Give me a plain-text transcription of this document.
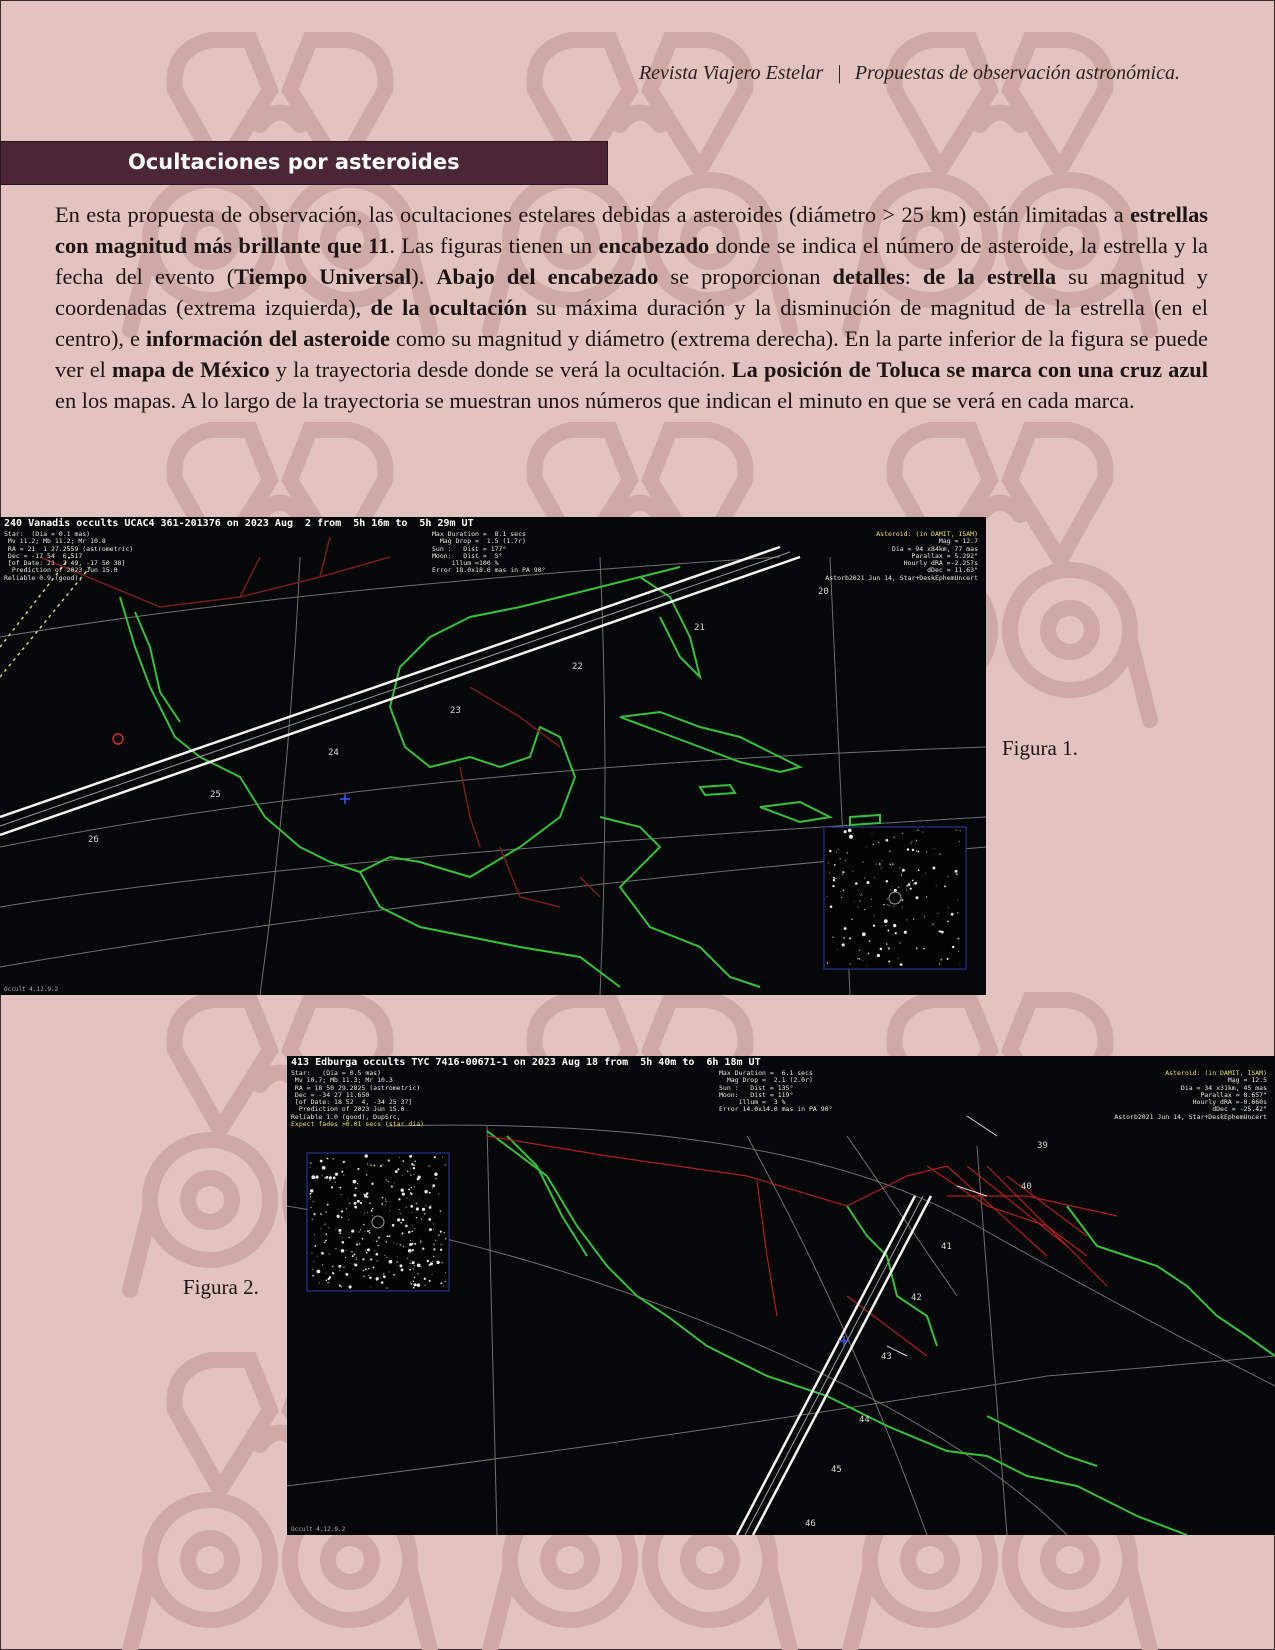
Revista Viajero Estelar | Propuestas de observación astronómica.
Ocultaciones por asteroides

En esta propuesta de observación, las ocultaciones estelares debidas a asteroides (diámetro > 25 km) están limitadas a estrellas con magnitud más brillante que 11. Las figuras tienen un encabezado donde se indica el número de asteroide, la estrella y la fecha del evento (Tiempo Universal). Abajo del encabezado se proporcionan detalles: de la estrella su magnitud y coordenadas (extrema izquierda), de la ocultación su máxima duración y la disminución de magnitud de la estrella (en el centro), e información del asteroide como su magnitud y diámetro (extrema derecha). En la parte inferior de la figura se puede ver el mapa de México y la trayectoria desde donde se verá la ocultación. La posición de Toluca se marca con una cruz azul en los mapas. A lo largo de la trayectoria se muestran unos números que indican el minuto en que se verá en cada marca.

20
21
22
23
24
25
26
240 Vanadis occults UCAC4 361-201376 on 2023 Aug  2 from  5h 16m to  5h 29m UT
Star:  (Dia = 0.1 mas)
Mv 11.2; Mb 11.2; Mr 10.8
RA = 21  1 27.2559 (astrometric)
Dec = -17 54  6.517
[of Date: 21  2 49, -17 50 38]
Prediction of 2023 Jun 15.0
Reliable 0.9 (good),
Max Duration =  8.1 secs
Mag Drop =  1.5 (1.7r)
Sun :   Dist = 177°
Moon:   Dist =  5°
illum =100 %
Error 18.0x18.0 mas in PA 90°
Asteroid: (in DAMIT, ISAM)
Mag = 12.7
Dia = 94 x84km, 77 mas
Parallax = 5.292"
Hourly dRA =-2.257s
dDec = 11.63"
Astorb2021 Jun 14, Star+DeskEphemUncert
Occult 4.12.9.2
Figura 1.
39
40
41
42
43
44
45
46
413 Edburga occults TYC 7416-00671-1 on 2023 Aug 18 from  5h 40m to  6h 18m UT
Star:   (Dia = 0.5 mas)
Mv 10.7; Mb 11.3; Mr 10.3
RA = 18 50 29.2825 (astrometric)
Dec = -34 27 11.650
[of Date: 18 52  4, -34 25 37]
Prediction of 2023 Jun 15.0
Reliable 1.0 (good), DupSrc,
Max Duration =  6.1 secs
Mag Drop =  2.1 (2.0r)
Sun :   Dist = 135°
Moon:   Dist = 119°
illum =  3 %
Error 14.0x14.0 mas in PA 90°
Asteroid: (in DAMIT, ISAM)
Mag = 12.5
Dia = 34 x31km, 45 mas
Parallax = 8.657"
Hourly dRA =-0.660s
dDec = -25.42"
Astorb2021 Jun 14, Star+DeskEphemUncert
Expect fades >0.01 secs (star dia)
Occult 4.12.9.2
Figura 2.
